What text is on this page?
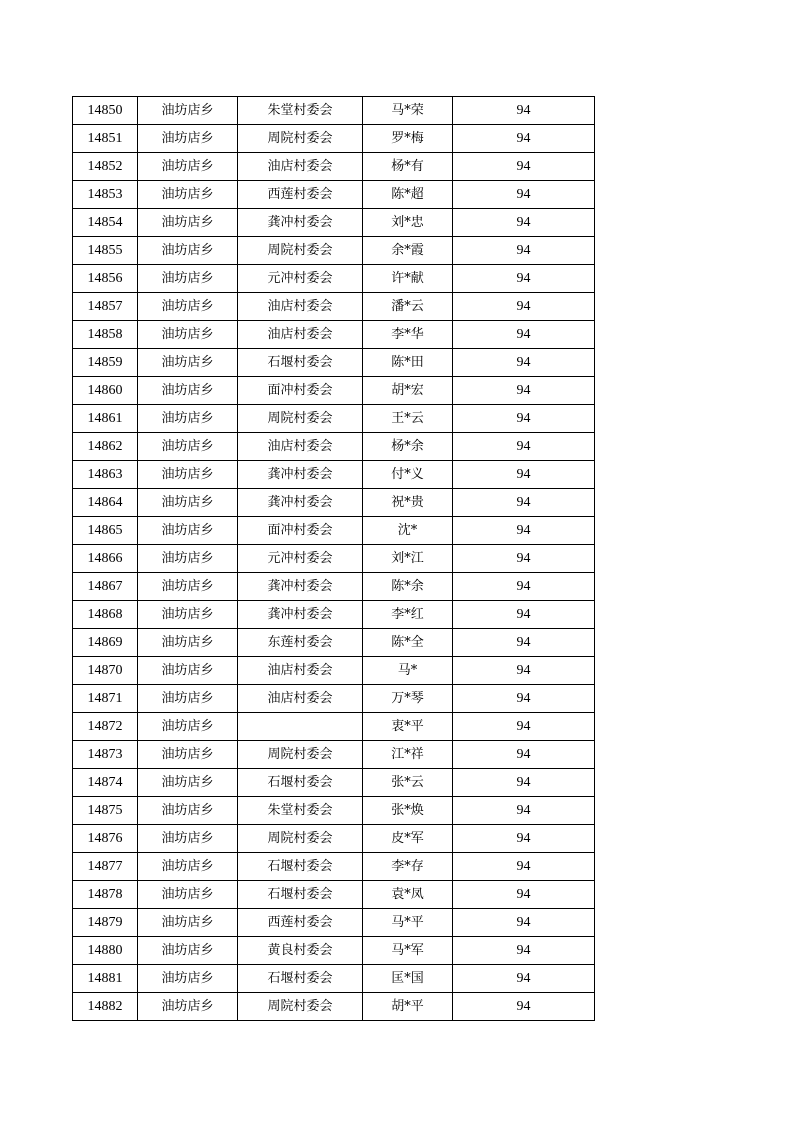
14850	油坊店乡	朱堂村委会	马*荣	94
14851	油坊店乡	周院村委会	罗*梅	94
14852	油坊店乡	油店村委会	杨*有	94
14853	油坊店乡	西莲村委会	陈*超	94
14854	油坊店乡	龚冲村委会	刘*忠	94
14855	油坊店乡	周院村委会	余*霞	94
14856	油坊店乡	元冲村委会	许*献	94
14857	油坊店乡	油店村委会	潘*云	94
14858	油坊店乡	油店村委会	李*华	94
14859	油坊店乡	石堰村委会	陈*田	94
14860	油坊店乡	面冲村委会	胡*宏	94
14861	油坊店乡	周院村委会	王*云	94
14862	油坊店乡	油店村委会	杨*余	94
14863	油坊店乡	龚冲村委会	付*义	94
14864	油坊店乡	龚冲村委会	祝*贵	94
14865	油坊店乡	面冲村委会	沈*	94
14866	油坊店乡	元冲村委会	刘*江	94
14867	油坊店乡	龚冲村委会	陈*余	94
14868	油坊店乡	龚冲村委会	李*红	94
14869	油坊店乡	东莲村委会	陈*全	94
14870	油坊店乡	油店村委会	马*	94
14871	油坊店乡	油店村委会	万*琴	94
14872	油坊店乡		衷*平	94
14873	油坊店乡	周院村委会	江*祥	94
14874	油坊店乡	石堰村委会	张*云	94
14875	油坊店乡	朱堂村委会	张*焕	94
14876	油坊店乡	周院村委会	皮*军	94
14877	油坊店乡	石堰村委会	李*存	94
14878	油坊店乡	石堰村委会	袁*凤	94
14879	油坊店乡	西莲村委会	马*平	94
14880	油坊店乡	黄良村委会	马*军	94
14881	油坊店乡	石堰村委会	匡*国	94
14882	油坊店乡	周院村委会	胡*平	94
